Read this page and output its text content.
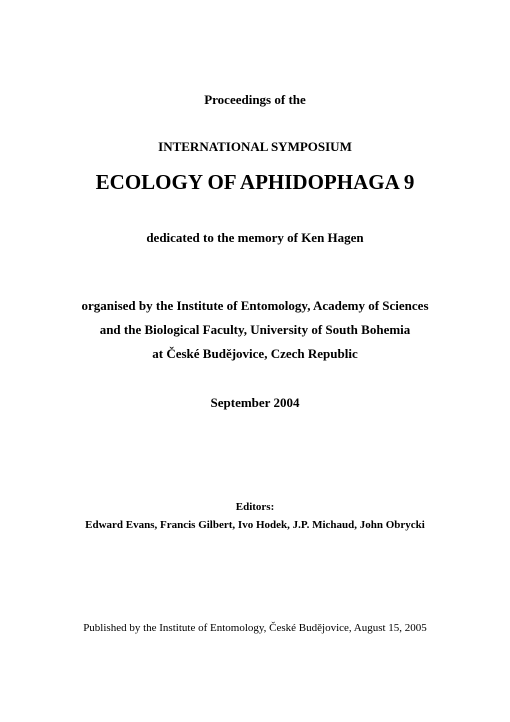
Proceedings of the
INTERNATIONAL SYMPOSIUM
ECOLOGY OF APHIDOPHAGA 9
dedicated to the memory of Ken Hagen
organised by the Institute of Entomology, Academy of Sciences
and the Biological Faculty, University of South Bohemia
at České Budějovice, Czech Republic
September 2004
Editors:
Edward Evans, Francis Gilbert, Ivo Hodek, J.P. Michaud, John Obrycki
Published by the Institute of Entomology, České Budějovice, August 15, 2005
